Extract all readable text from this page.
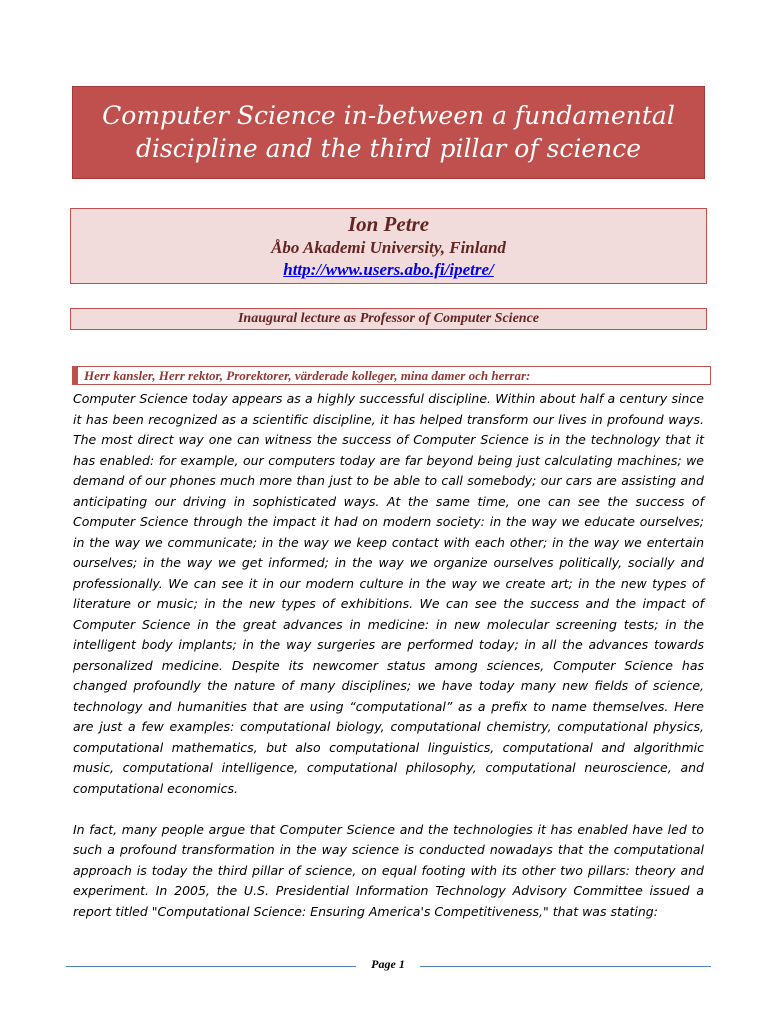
Computer Science in-between a fundamental discipline and the third pillar of science
Ion Petre
Åbo Akademi University, Finland
http://www.users.abo.fi/ipetre/
Inaugural lecture as Professor of Computer Science
Herr kansler, Herr rektor, Prorektorer, värderade kolleger, mina damer och herrar:

Computer Science today appears as a highly successful discipline. Within about half a century since it has been recognized as a scientific discipline, it has helped transform our lives in profound ways. The most direct way one can witness the success of Computer Science is in the technology that it has enabled: for example, our computers today are far beyond being just calculating machines; we demand of our phones much more than just to be able to call somebody; our cars are assisting and anticipating our driving in sophisticated ways. At the same time, one can see the success of Computer Science through the impact it had on modern society: in the way we educate ourselves; in the way we communicate; in the way we keep contact with each other; in the way we entertain ourselves; in the way we get informed; in the way we organize ourselves politically, socially and professionally. We can see it in our modern culture in the way we create art; in the new types of literature or music; in the new types of exhibitions. We can see the success and the impact of Computer Science in the great advances in medicine: in new molecular screening tests; in the intelligent body implants; in the way surgeries are performed today; in all the advances towards personalized medicine. Despite its newcomer status among sciences, Computer Science has changed profoundly the nature of many disciplines; we have today many new fields of science, technology and humanities that are using “computational” as a prefix to name themselves. Here are just a few examples: computational biology, computational chemistry, computational physics, computational mathematics, but also computational linguistics, computational and algorithmic music, computational intelligence, computational philosophy, computational neuroscience, and computational economics.

In fact, many people argue that Computer Science and the technologies it has enabled have led to such a profound transformation in the way science is conducted nowadays that the computational approach is today the third pillar of science, on equal footing with its other two pillars: theory and experiment. In 2005, the U.S. Presidential Information Technology Advisory Committee issued a report titled "Computational Science: Ensuring America's Competitiveness," that was stating:

Page 1
